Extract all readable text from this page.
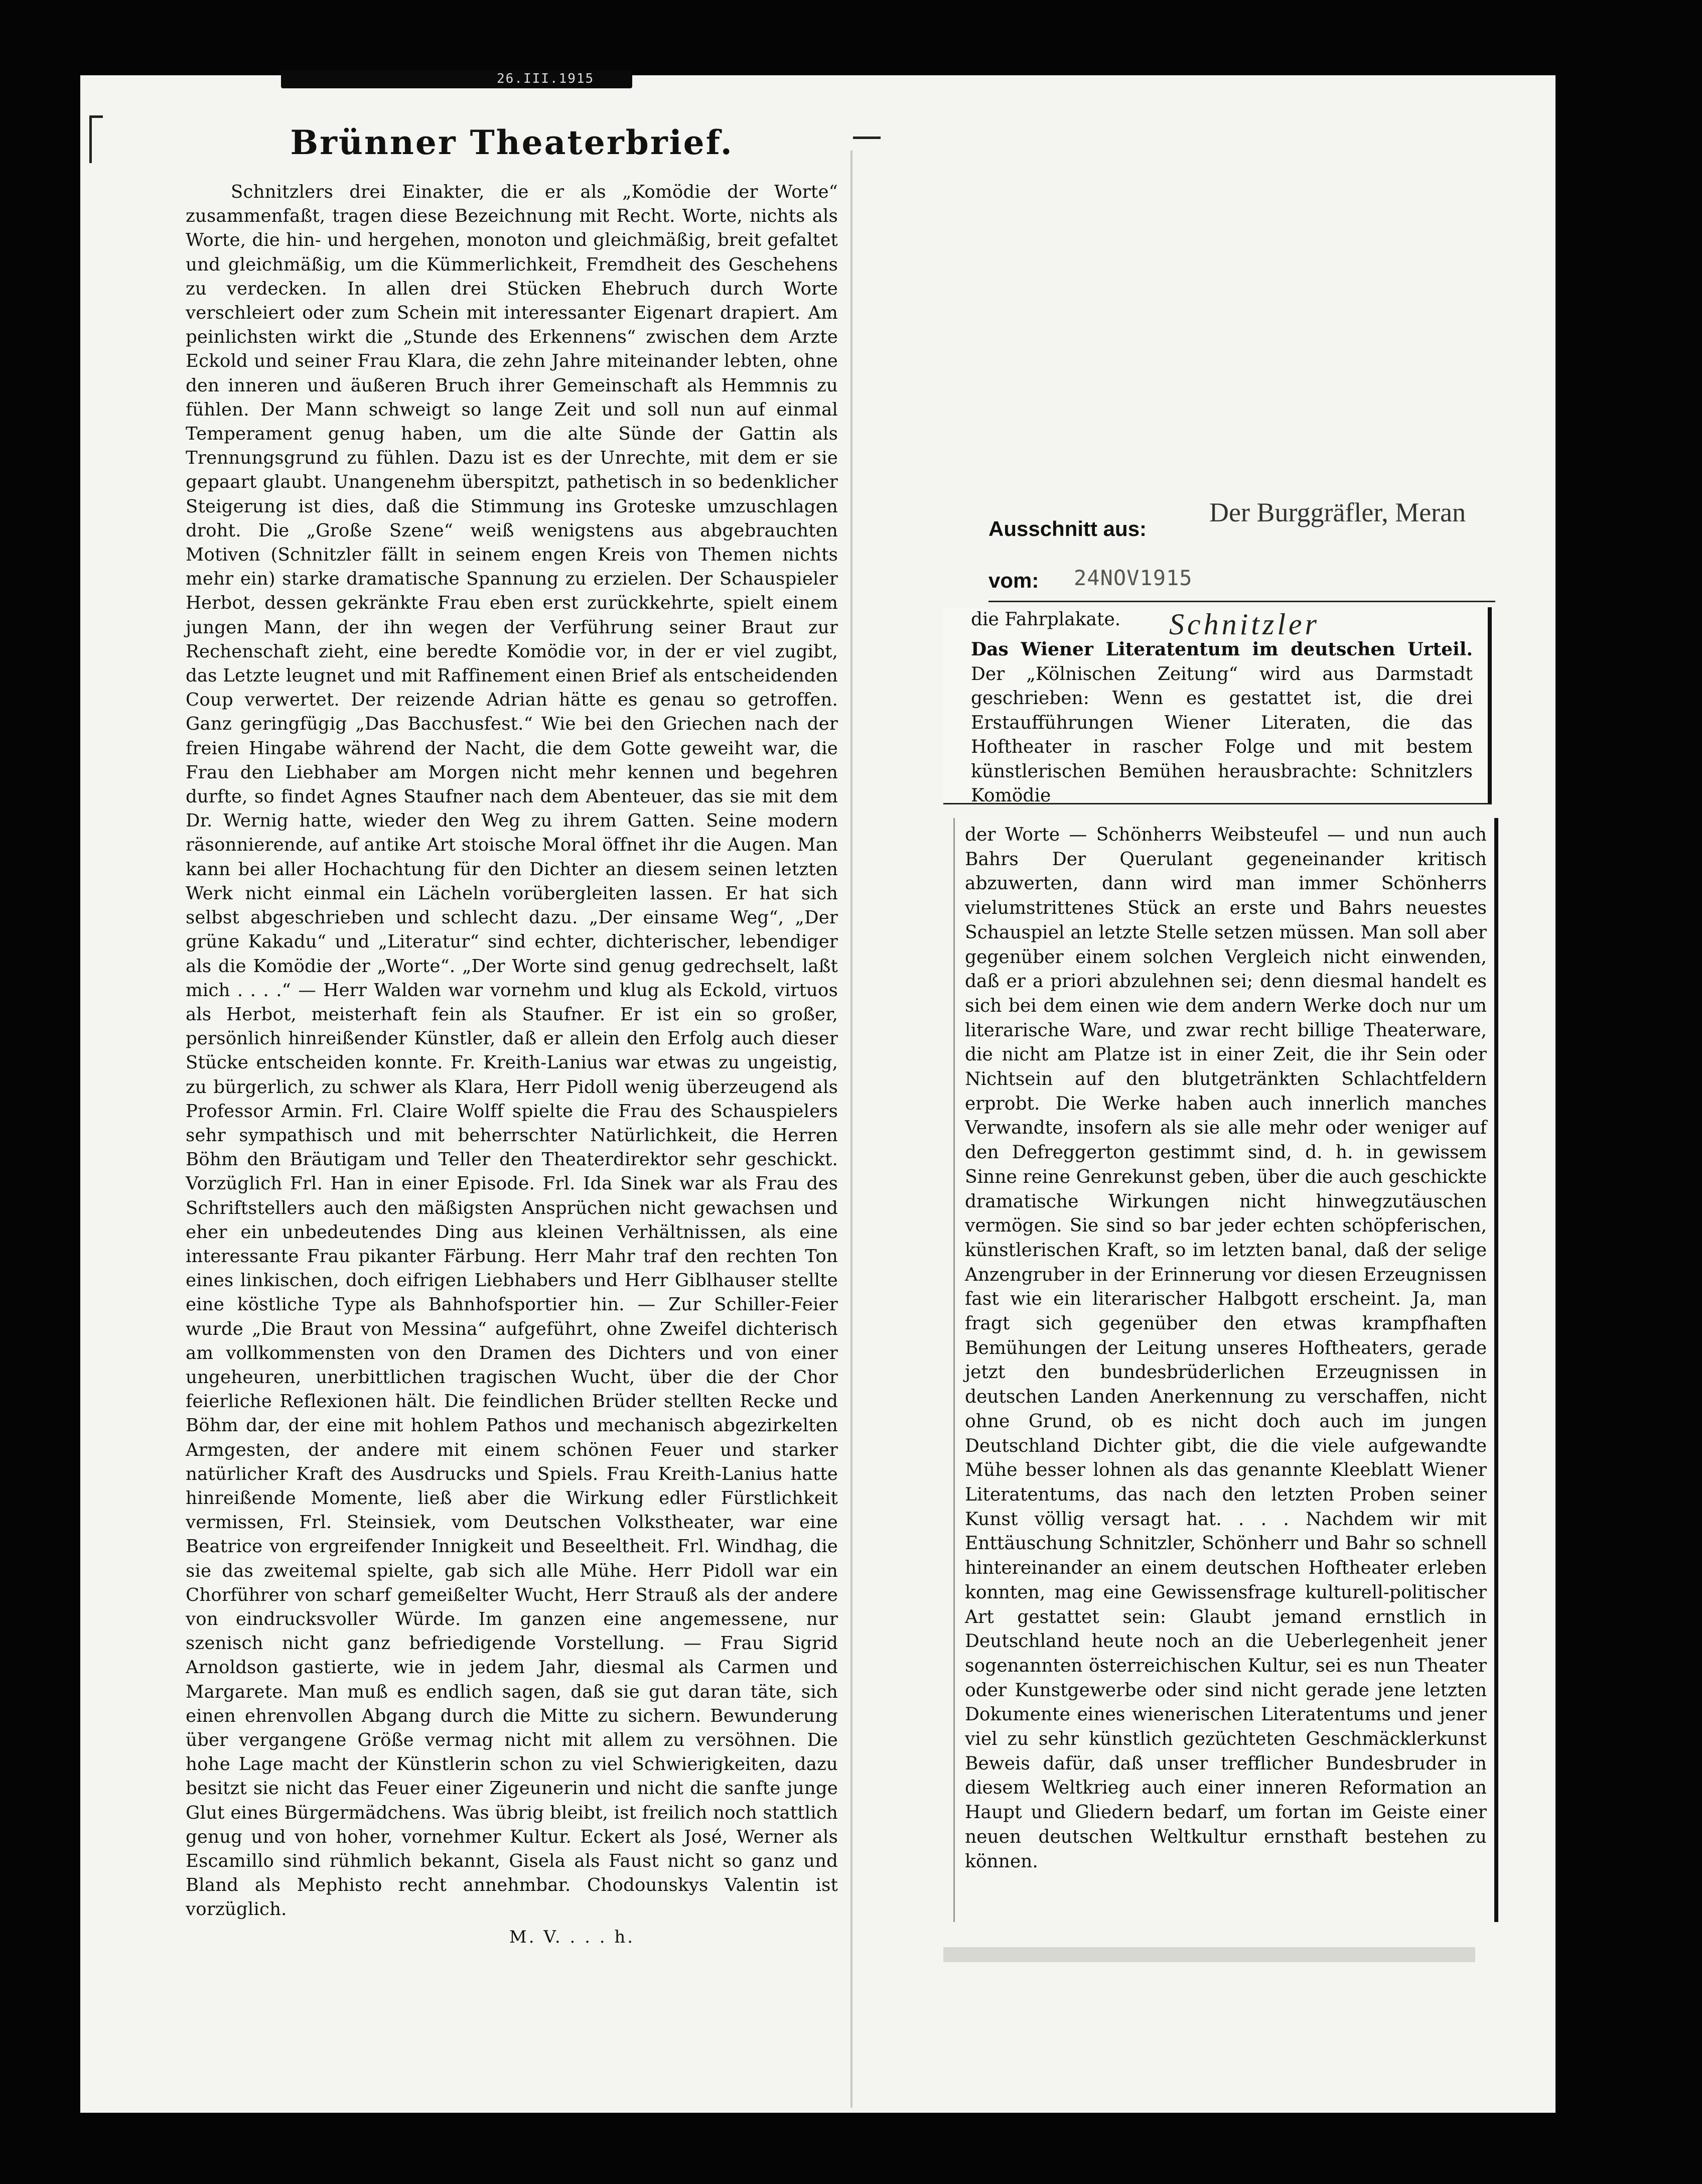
26.III.1915
Brünner Theaterbrief.

Schnitzlers drei Einakter, die er als „Komödie der Worte“ zusammenfaßt, tragen diese Bezeichnung mit Recht. Worte, nichts als Worte, die hin- und hergehen, monoton und gleichmäßig, breit gefaltet und gleichmäßig, um die Kümmerlichkeit, Fremdheit des Geschehens zu verdecken. In allen drei Stücken Ehebruch durch Worte verschleiert oder zum Schein mit interessanter Eigenart drapiert. Am peinlichsten wirkt die „Stunde des Erkennens“ zwischen dem Arzte Eckold und seiner Frau Klara, die zehn Jahre miteinander lebten, ohne den inneren und äußeren Bruch ihrer Gemeinschaft als Hemmnis zu fühlen. Der Mann schweigt so lange Zeit und soll nun auf einmal Temperament genug haben, um die alte Sünde der Gattin als Trennungsgrund zu fühlen. Dazu ist es der Unrechte, mit dem er sie gepaart glaubt. Unangenehm überspitzt, pathetisch in so bedenklicher Steigerung ist dies, daß die Stimmung ins Groteske umzuschlagen droht. Die „Große Szene“ weiß wenigstens aus abgebrauchten Motiven (Schnitzler fällt in seinem engen Kreis von Themen nichts mehr ein) starke dramatische Spannung zu erzielen. Der Schauspieler Herbot, dessen gekränkte Frau eben erst zurückkehrte, spielt einem jungen Mann, der ihn wegen der Verführung seiner Braut zur Rechenschaft zieht, eine beredte Komödie vor, in der er viel zugibt, das Letzte leugnet und mit Raffinement einen Brief als entscheidenden Coup verwertet. Der reizende Adrian hätte es genau so getroffen. Ganz geringfügig „Das Bacchusfest.“ Wie bei den Griechen nach der freien Hingabe während der Nacht, die dem Gotte geweiht war, die Frau den Liebhaber am Morgen nicht mehr kennen und begehren durfte, so findet Agnes Staufner nach dem Abenteuer, das sie mit dem Dr. Wernig hatte, wieder den Weg zu ihrem Gatten. Seine modern räsonnierende, auf antike Art stoische Moral öffnet ihr die Augen. Man kann bei aller Hochachtung für den Dichter an diesem seinen letzten Werk nicht einmal ein Lächeln vorübergleiten lassen. Er hat sich selbst abgeschrieben und schlecht dazu. „Der einsame Weg“, „Der grüne Kakadu“ und „Literatur“ sind echter, dichterischer, lebendiger als die Komödie der „Worte“. „Der Worte sind genug gedrechselt, laßt mich . . . .“ — Herr Walden war vornehm und klug als Eckold, virtuos als Herbot, meisterhaft fein als Staufner. Er ist ein so großer, persönlich hinreißender Künstler, daß er allein den Erfolg auch dieser Stücke entscheiden konnte. Fr. Kreith-Lanius war etwas zu ungeistig, zu bürgerlich, zu schwer als Klara, Herr Pidoll wenig überzeugend als Professor Armin. Frl. Claire Wolff spielte die Frau des Schauspielers sehr sympathisch und mit beherrschter Natürlichkeit, die Herren Böhm den Bräutigam und Teller den Theaterdirektor sehr geschickt. Vorzüglich Frl. Han in einer Episode. Frl. Ida Sinek war als Frau des Schriftstellers auch den mäßigsten Ansprüchen nicht gewachsen und eher ein unbedeutendes Ding aus kleinen Verhältnissen, als eine interessante Frau pikanter Färbung. Herr Mahr traf den rechten Ton eines linkischen, doch eifrigen Liebhabers und Herr Giblhauser stellte eine köstliche Type als Bahnhofsportier hin. — Zur Schiller-Feier wurde „Die Braut von Messina“ aufgeführt, ohne Zweifel dichterisch am vollkommensten von den Dramen des Dichters und von einer ungeheuren, unerbittlichen tragischen Wucht, über die der Chor feierliche Reflexionen hält. Die feindlichen Brüder stellten Recke und Böhm dar, der eine mit hohlem Pathos und mechanisch abgezirkelten Armgesten, der andere mit einem schönen Feuer und starker natürlicher Kraft des Ausdrucks und Spiels. Frau Kreith-Lanius hatte hinreißende Momente, ließ aber die Wirkung edler Fürstlichkeit vermissen, Frl. Steinsiek, vom Deutschen Volkstheater, war eine Beatrice von ergreifender Innigkeit und Beseeltheit. Frl. Windhag, die sie das zweitemal spielte, gab sich alle Mühe. Herr Pidoll war ein Chorführer von scharf gemeißelter Wucht, Herr Strauß als der andere von eindrucksvoller Würde. Im ganzen eine angemessene, nur szenisch nicht ganz befriedigende Vorstellung. — Frau Sigrid Arnoldson gastierte, wie in jedem Jahr, diesmal als Carmen und Margarete. Man muß es endlich sagen, daß sie gut daran täte, sich einen ehrenvollen Abgang durch die Mitte zu sichern. Bewunderung über vergangene Größe vermag nicht mit allem zu versöhnen. Die hohe Lage macht der Künstlerin schon zu viel Schwierigkeiten, dazu besitzt sie nicht das Feuer einer Zigeunerin und nicht die sanfte junge Glut eines Bürgermädchens. Was übrig bleibt, ist freilich noch stattlich genug und von hoher, vornehmer Kultur. Eckert als José, Werner als Escamillo sind rühmlich bekannt, Gisela als Faust nicht so ganz und Bland als Mephisto recht annehmbar. Chodounskys Valentin ist vorzüglich.

M. V. . . . h.
Ausschnitt aus:
Der Burggräfler, Meran
vom: 24NOV1915
die Fahrplakate. Schnitzler

Das Wiener Literatentum im deutschen Urteil. Der „Kölnischen Zeitung“ wird aus Darmstadt geschrieben: Wenn es gestattet ist, die drei Erstaufführungen Wiener Literaten, die das Hoftheater in rascher Folge und mit bestem künstlerischen Bemühen herausbrachte: Schnitzlers Komödie

der Worte — Schönherrs Weibsteufel — und nun auch Bahrs Der Querulant gegeneinander kritisch abzuwerten, dann wird man immer Schönherrs vielumstrittenes Stück an erste und Bahrs neuestes Schauspiel an letzte Stelle setzen müssen. Man soll aber gegenüber einem solchen Vergleich nicht einwenden, daß er a priori abzulehnen sei; denn diesmal handelt es sich bei dem einen wie dem andern Werke doch nur um literarische Ware, und zwar recht billige Theaterware, die nicht am Platze ist in einer Zeit, die ihr Sein oder Nichtsein auf den blutgetränkten Schlachtfeldern erprobt. Die Werke haben auch innerlich manches Verwandte, insofern als sie alle mehr oder weniger auf den Defreggerton gestimmt sind, d. h. in gewissem Sinne reine Genrekunst geben, über die auch geschickte dramatische Wirkungen nicht hinwegzutäuschen vermögen. Sie sind so bar jeder echten schöpferischen, künstlerischen Kraft, so im letzten banal, daß der selige Anzengruber in der Erinnerung vor diesen Erzeugnissen fast wie ein literarischer Halbgott erscheint. Ja, man fragt sich gegenüber den etwas krampfhaften Bemühungen der Leitung unseres Hoftheaters, gerade jetzt den bundesbrüderlichen Erzeugnissen in deutschen Landen Anerkennung zu verschaffen, nicht ohne Grund, ob es nicht doch auch im jungen Deutschland Dichter gibt, die die viele aufgewandte Mühe besser lohnen als das genannte Kleeblatt Wiener Literatentums, das nach den letzten Proben seiner Kunst völlig versagt hat. . . . Nachdem wir mit Enttäuschung Schnitzler, Schönherr und Bahr so schnell hintereinander an einem deutschen Hoftheater erleben konnten, mag eine Gewissensfrage kulturell-politischer Art gestattet sein: Glaubt jemand ernstlich in Deutschland heute noch an die Ueberlegenheit jener sogenannten österreichischen Kultur, sei es nun Theater oder Kunstgewerbe oder sind nicht gerade jene letzten Dokumente eines wienerischen Literatentums und jener viel zu sehr künstlich gezüchteten Geschmäcklerkunst Beweis dafür, daß unser trefflicher Bundesbruder in diesem Weltkrieg auch einer inneren Reformation an Haupt und Gliedern bedarf, um fortan im Geiste einer neuen deutschen Weltkultur ernsthaft bestehen zu können.
